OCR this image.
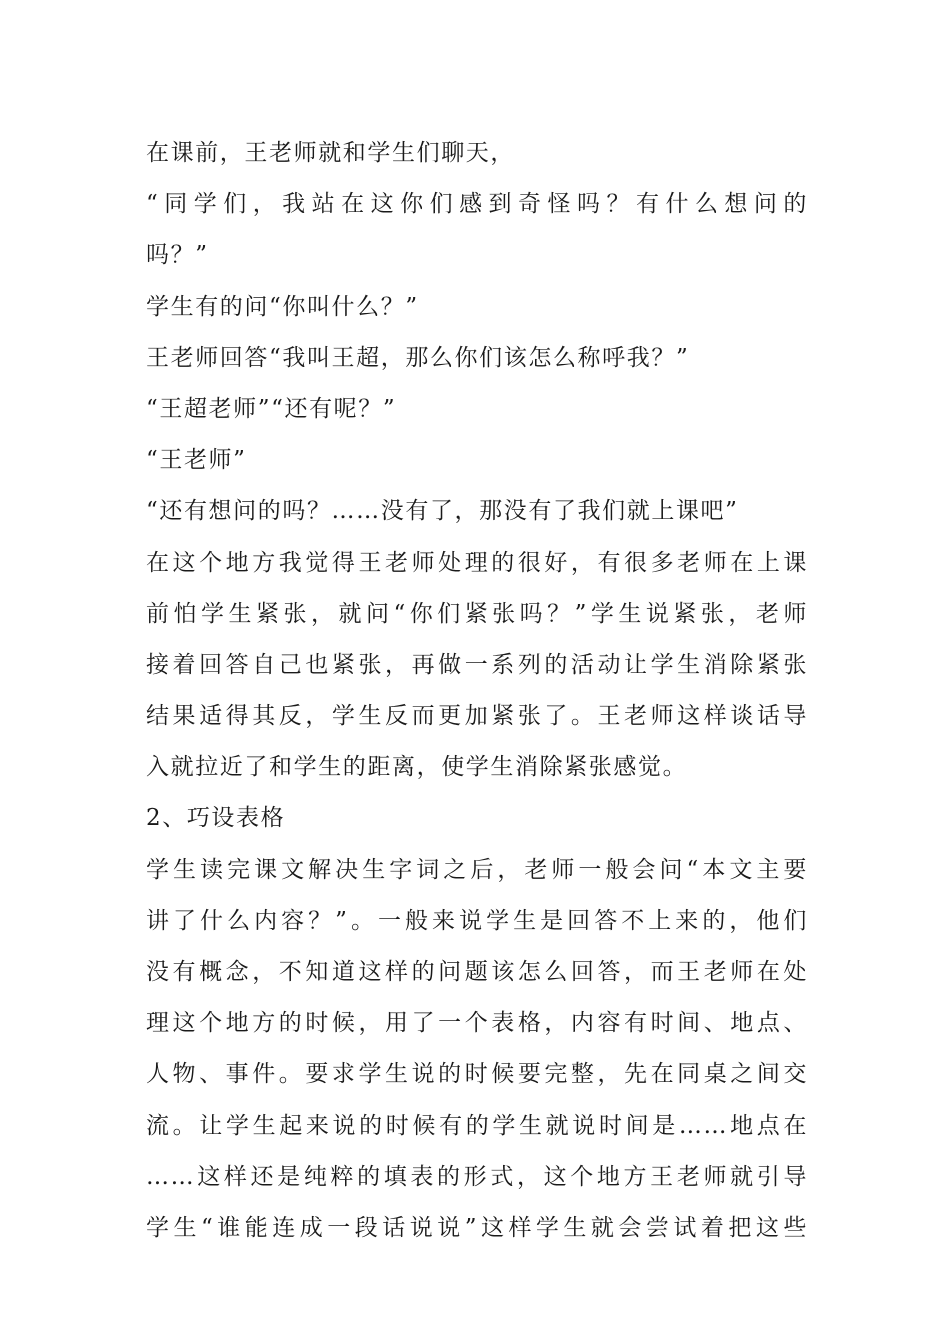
在课前，王老师就和学生们聊天，
“同学们，我站在这你们感到奇怪吗？有什么想问的
吗？”
学生有的问“你叫什么？”
王老师回答“我叫王超，那么你们该怎么称呼我？”
“王超老师”“还有呢？”
“王老师”
“还有想问的吗？……没有了，那没有了我们就上课吧”
在这个地方我觉得王老师处理的很好，有很多老师在上课
前怕学生紧张，就问“你们紧张吗？”学生说紧张，老师
接着回答自己也紧张，再做一系列的活动让学生消除紧张
结果适得其反，学生反而更加紧张了。王老师这样谈话导
入就拉近了和学生的距离，使学生消除紧张感觉。
2、巧设表格
学生读完课文解决生字词之后，老师一般会问“本文主要
讲了什么内容？”。一般来说学生是回答不上来的，他们
没有概念，不知道这样的问题该怎么回答，而王老师在处
理这个地方的时候，用了一个表格，内容有时间、地点、
人物、事件。要求学生说的时候要完整，先在同桌之间交
流。让学生起来说的时候有的学生就说时间是……地点在
……这样还是纯粹的填表的形式，这个地方王老师就引导
学生“谁能连成一段话说说”这样学生就会尝试着把这些
